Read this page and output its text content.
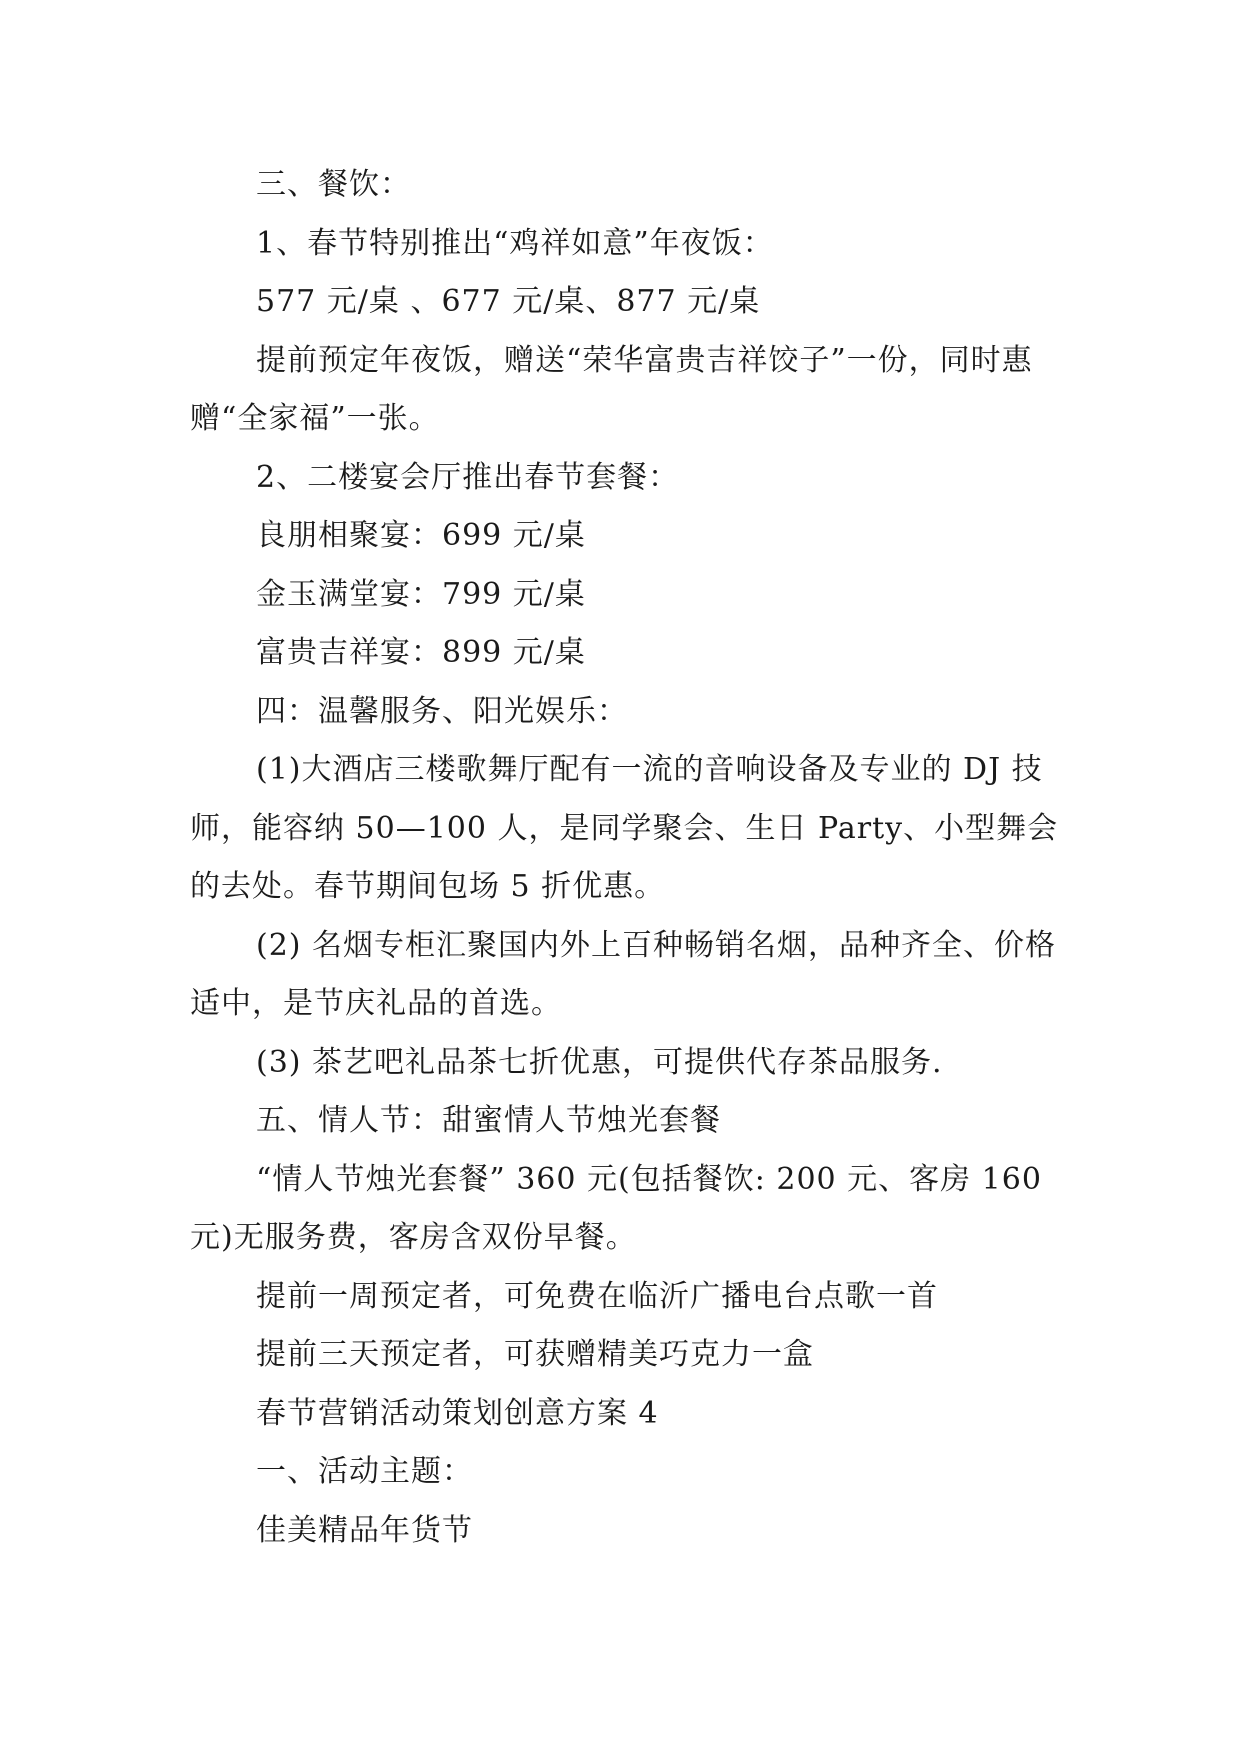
三、餐饮：

1、春节特别推出“鸡祥如意”年夜饭：

577 元/桌 、677 元/桌、877 元/桌

提前预定年夜饭，赠送“荣华富贵吉祥饺子”一份，同时惠赠“全家福”一张。

2、二楼宴会厅推出春节套餐：

良朋相聚宴：699 元/桌

金玉满堂宴：799 元/桌

富贵吉祥宴：899 元/桌

四：温馨服务、阳光娱乐：

(1)大酒店三楼歌舞厅配有一流的音响设备及专业的 DJ 技师，能容纳 50—100 人，是同学聚会、生日 Party、小型舞会的去处。春节期间包场 5 折优惠。

(2) 名烟专柜汇聚国内外上百种畅销名烟，品种齐全、价格适中，是节庆礼品的首选。

(3) 茶艺吧礼品茶七折优惠，可提供代存茶品服务.

五、情人节：甜蜜情人节烛光套餐

“情人节烛光套餐” 360 元(包括餐饮: 200 元、客房 160 元)无服务费，客房含双份早餐。

提前一周预定者，可免费在临沂广播电台点歌一首

提前三天预定者，可获赠精美巧克力一盒

春节营销活动策划创意方案 4

一、活动主题：

佳美精品年货节
